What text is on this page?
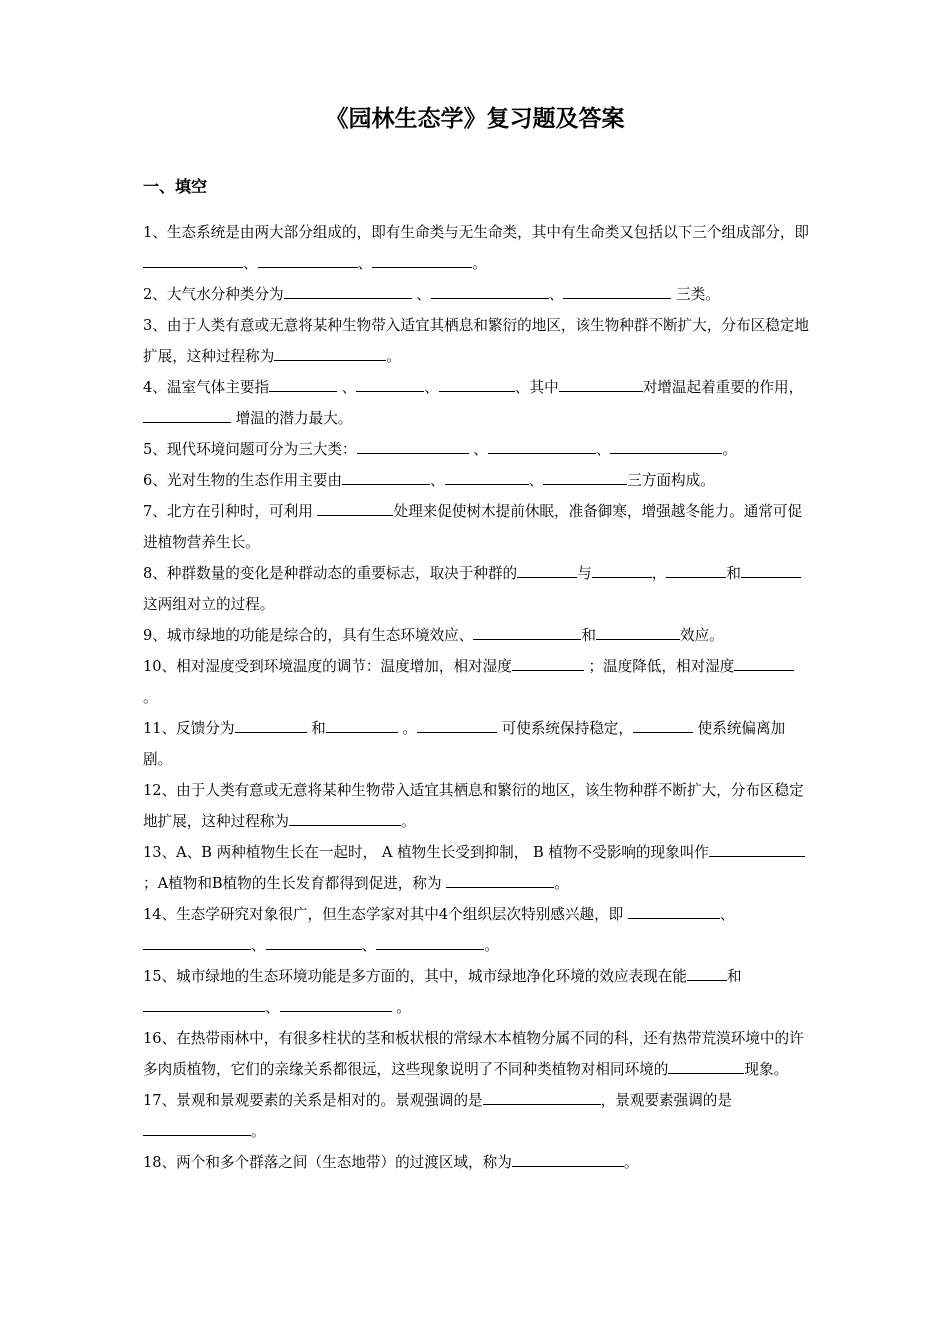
《园林生态学》复习题及答案
一、填空

1、生态系统是由两大部分组成的，即有生命类与无生命类，其中有生命类又包括以下三个组成部分，即、	、	。

2、大气水分种类分为	、	、	三类。

3、由于人类有意或无意将某种生物带入适宜其栖息和繁衍的地区，该生物种群不断扩大，分布区稳定地扩展，这种过程称为	。

4、温室气体主要指	、	、	、其中	对增温起着重要的作用， 增温的潜力最大。

5、现代环境问题可分为三大类：	、	、	。

6、光对生物的生态作用主要由	、	、	三方面构成。

7、北方在引种时，可利用	处理来促使树木提前休眠，准备御寒，增强越冬能力。通常可促进植物营养生长。

8、种群数量的变化是种群动态的重要标志，取决于种群的	与	，	和这两组对立的过程。

9、城市绿地的功能是综合的，具有生态环境效应、	和	效应。

10、相对湿度受到环境温度的调节：温度增加，相对湿度	；温度降低，相对湿度 。

11、反馈分为	和	。	可使系统保持稳定，	使系统偏离加剧。

12、由于人类有意或无意将某种生物带入适宜其栖息和繁衍的地区，该生物种群不断扩大，分布区稳定地扩展，这种过程称为	。

13、A、B 两种植物生长在一起时， A 植物生长受到抑制， B 植物不受影响的现象叫作；A植物和B植物的生长发育都得到促进，称为	。

14、生态学研究对象很广，但生态学家对其中4个组织层次特别感兴趣，即	、、	、	。

15、城市绿地的生态环境功能是多方面的，其中，城市绿地净化环境的效应表现在能	和、	。

16、在热带雨林中，有很多柱状的茎和板状根的常绿木本植物分属不同的科，还有热带荒漠环境中的许多肉质植物，它们的亲缘关系都很远，这些现象说明了不同种类植物对相同环境的	现象。

17、景观和景观要素的关系是相对的。景观强调的是	，景观要素强调的是。

18、两个和多个群落之间（生态地带）的过渡区域，称为	。
